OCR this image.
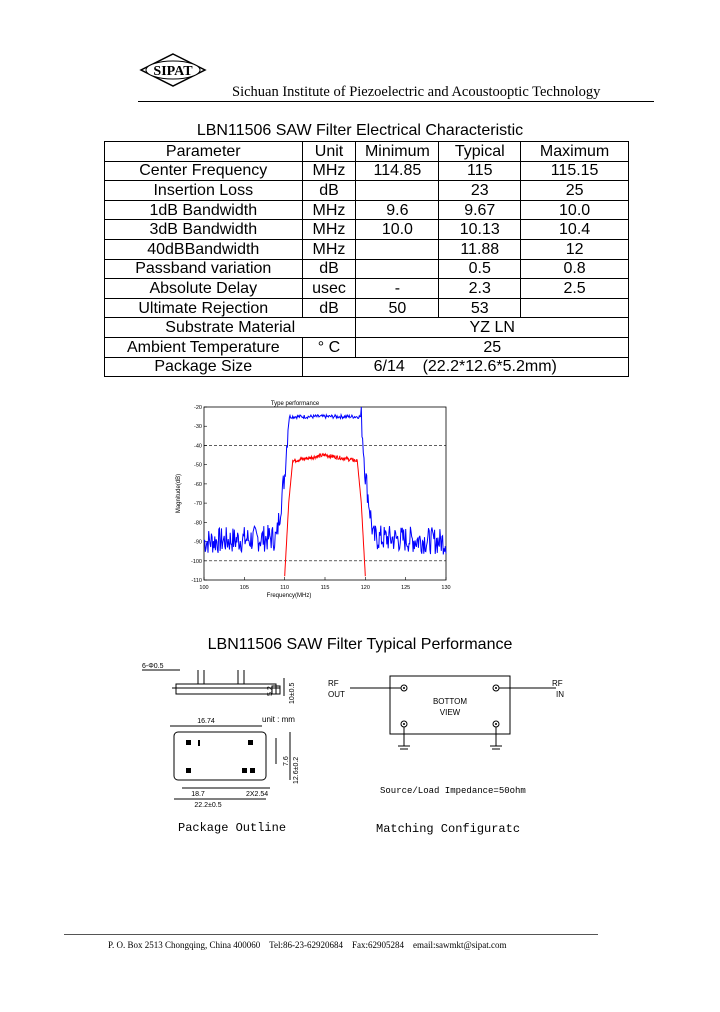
SIPAT
Sichuan Institute of Piezoelectric and Acoustooptic Technology
LBN11506 SAW Filter Electrical Characteristic
Parameter	Unit	Minimum	Typical	Maximum
Center Frequency	MHz	114.85	115	115.15
Insertion Loss	dB		23	25
1dB Bandwidth	MHz	9.6	9.67	10.0
3dB Bandwidth	MHz	10.0	10.13	10.4
40dBBandwidth	MHz		11.88	12
Passband variation	dB		0.5	0.8
Absolute Delay	usec	-	2.3	2.5
Ultimate Rejection	dB	50	53	
Substrate Material		YZ LN		
Ambient Temperature	° C	25		
Package Size	6/14    (22.2*12.6*5.2mm)			
-20
-30
-40
-50
-60
-70
-80
-90
-100
-110
100	105	110	115	120	125	130
Type performance
Frequency(MHz)
Magnitude(dB)
LBN11506 SAW Filter Typical Performance
6-Φ0.5
16.74	unit : mm
18.7	2X2.54
22.2±0.5
5.2 10±0.5
7.6 12.6±0.2
Package Outline
RF OUT
RF IN
BOTTOM VIEW
Source/Load Impedance=50ohm
Matching Configuratc
P. O. Box 2513 Chongqing, China 400060    Tel:86-23-62920684    Fax:62905284    email:sawmkt@sipat.com
